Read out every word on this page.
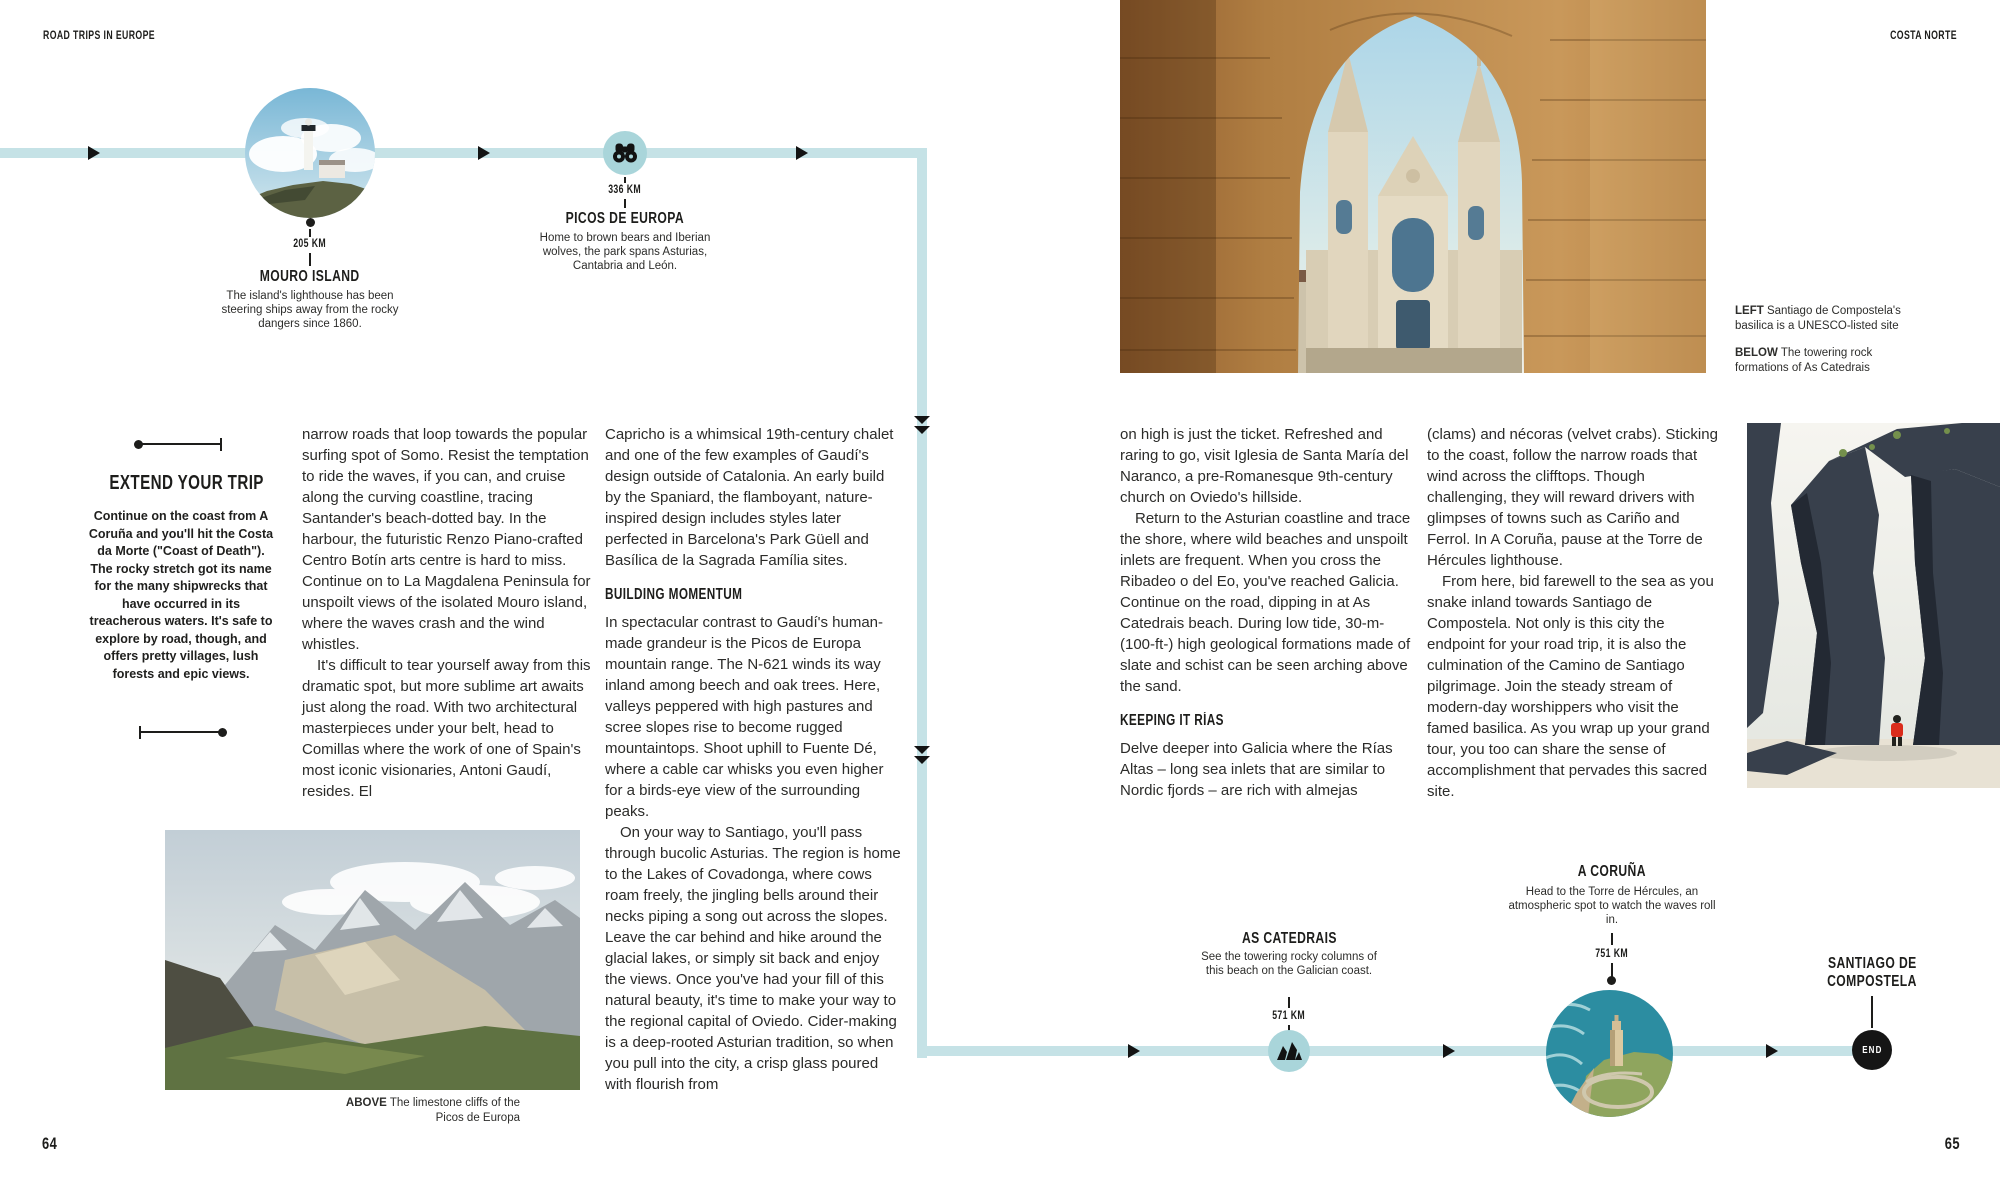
ROAD TRIPS IN EUROPE	COSTA NORTE
64	65
205 KM
MOURO ISLAND
The island's lighthouse has been steering ships away from the rocky dangers since 1860.
336 KM
PICOS DE EUROPA
Home to brown bears and Iberian wolves, the park spans Asturias, Cantabria and León.
EXTEND YOUR TRIP
Continue on the coast from A Coruña and you'll hit the Costa da Morte ("Coast of Death"). The rocky stretch got its name for the many shipwrecks that have occurred in its treacherous waters. It's safe to explore by road, though, and offers pretty villages, lush forests and epic views.

narrow roads that loop towards the popular surfing spot of Somo. Resist the temptation to ride the waves, if you can, and cruise along the curving coastline, tracing Santander's beach-dotted bay. In the harbour, the futuristic Renzo Piano-crafted Centro Botín arts centre is hard to miss. Continue on to La Magdalena Peninsula for unspoilt views of the isolated Mouro island, where the waves crash and the wind whistles.

It's difficult to tear yourself away from this dramatic spot, but more sublime art awaits just along the road. With two architectural masterpieces under your belt, head to Comillas where the work of one of Spain's most iconic visionaries, Antoni Gaudí, resides. El

Capricho is a whimsical 19th-century chalet and one of the few examples of Gaudí's design outside of Catalonia. An early build by the Spaniard, the flamboyant, nature-inspired design includes styles later perfected in Barcelona's Park Güell and Basílica de la Sagrada Família sites.

BUILDING MOMENTUM

In spectacular contrast to Gaudí's human-made grandeur is the Picos de Europa mountain range. The N-621 winds its way inland among beech and oak trees. Here, valleys peppered with high pastures and scree slopes rise to become rugged mountaintops. Shoot uphill to Fuente Dé, where a cable car whisks you even higher for a birds-eye view of the surrounding peaks.

On your way to Santiago, you'll pass through bucolic Asturias. The region is home to the Lakes of Covadonga, where cows roam freely, the jingling bells around their necks piping a song out across the slopes. Leave the car behind and hike around the glacial lakes, or simply sit back and enjoy the views. Once you've had your fill of this natural beauty, it's time to make your way to the regional capital of Oviedo. Cider-making is a deep-rooted Asturian tradition, so when you pull into the city, a crisp glass poured with flourish from

on high is just the ticket. Refreshed and raring to go, visit Iglesia de Santa María del Naranco, a pre-Romanesque 9th-century church on Oviedo's hillside.

Return to the Asturian coastline and trace the shore, where wild beaches and unspoilt inlets are frequent. When you cross the Ribadeo o del Eo, you've reached Galicia. Continue on the road, dipping in at As Catedrais beach. During low tide, 30-m- (100-ft-) high geological formations made of slate and schist can be seen arching above the sand.

KEEPING IT RÍAS

Delve deeper into Galicia where the Rías Altas – long sea inlets that are similar to Nordic fjords – are rich with almejas

(clams) and nécoras (velvet crabs). Sticking to the coast, follow the narrow roads that wind across the clifftops. Though challenging, they will reward drivers with glimpses of towns such as Cariño and Ferrol. In A Coruña, pause at the Torre de Hércules lighthouse.

From here, bid farewell to the sea as you snake inland towards Santiago de Compostela. Not only is this city the endpoint for your road trip, it is also the culmination of the Camino de Santiago pilgrimage. Join the steady stream of modern-day worshippers who visit the famed basilica. As you wrap up your grand tour, you too can share the sense of accomplishment that pervades this sacred site.

LEFT Santiago de Compostela's basilica is a UNESCO-listed site
BELOW The towering rock formations of As Catedrais
ABOVE The limestone cliffs of the Picos de Europa
AS CATEDRAIS
See the towering rocky columns of this beach on the Galician coast.
571 KM
A CORUÑA
Head to the Torre de Hércules, an atmospheric spot to watch the waves roll in.
751 KM
SANTIAGO DE
COMPOSTELA
END
